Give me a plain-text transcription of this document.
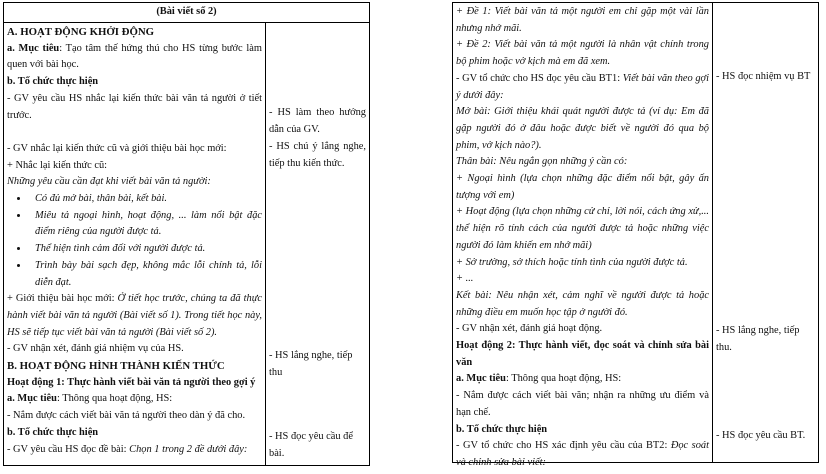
(Bài viết số 2)

A. HOẠT ĐỘNG KHỞI ĐỘNG

a. Mục tiêu: Tạo tâm thế hứng thú cho HS từng bước làm quen với bài học.

b. Tổ chức thực hiện

- GV yêu cầu HS nhắc lại kiến thức bài văn tả người ở tiết trước.

- GV nhắc lại kiến thức cũ và giới thiệu bài học mới:

+ Nhắc lại kiến thức cũ:

Những yêu cầu cần đạt khi viết bài văn tả người:

• Có đủ mở bài, thân bài, kết bài.
• Miêu tả ngoại hình, hoạt động, ... làm nổi bật đặc điểm riêng của người được tả.
• Thể hiện tình cảm đối với người được tả.
• Trình bày bài sạch đẹp, không mắc lỗi chính tả, lỗi diễn đạt.

+ Giới thiệu bài học mới: Ở tiết học trước, chúng ta đã thực hành viết bài văn tả người (Bài viết số 1). Trong tiết học này, HS sẽ tiếp tục viết bài văn tả người (Bài viết số 2).

- GV nhận xét, đánh giá nhiệm vụ của HS.

B. HOẠT ĐỘNG HÌNH THÀNH KIẾN THỨC

Hoạt động 1: Thực hành viết bài văn tả người theo gợi ý

a. Mục tiêu: Thông qua hoạt động, HS:

- Nắm được cách viết bài văn tả người theo dàn ý đã cho.

b. Tổ chức thực hiện

- GV yêu cầu HS đọc đề bài: Chọn 1 trong 2 đề dưới đây:

- HS làm theo hướng dẫn của GV.

- HS chú ý lắng nghe, tiếp thu kiến thức.

- HS lắng nghe, tiếp thu

- HS đọc yêu cầu để bài.

+ Đề 1: Viết bài văn tả một người em chỉ gặp một vài lần nhưng nhớ mãi.

+ Đề 2: Viết bài văn tả một người là nhân vật chính trong bộ phim hoặc vở kịch mà em đã xem.

- GV tổ chức cho HS đọc yêu cầu BT1: Viết bài văn theo gợi ý dưới đây:

Mở bài: Giới thiệu khái quát người được tả (ví dụ: Em đã gặp người đó ở đâu hoặc được biết về người đó qua bộ phim, vở kịch nào?).

Thân bài: Nêu ngắn gọn những ý cần có:

+ Ngoại hình (lựa chọn những đặc điểm nổi bật, gây ấn tượng với em)

+ Hoạt động (lựa chọn những cử chỉ, lời nói, cách ứng xử,... thể hiện rõ tính cách của người được tả hoặc những việc người đó làm khiến em nhớ mãi)

+ Sở trường, sở thích hoặc tính tình của người được tả.

+ ...

Kết bài: Nêu nhận xét, cảm nghĩ về người được tả hoặc những điều em muốn học tập ở người đó.

- GV nhận xét, đánh giá hoạt động.

Hoạt động 2: Thực hành viết, đọc soát và chỉnh sửa bài văn

a. Mục tiêu: Thông qua hoạt động, HS:

- Nắm được cách viết bài văn; nhận ra những ưu điểm và hạn chế.

b. Tổ chức thực hiện

- GV tổ chức cho HS xác định yêu cầu của BT2: Đọc soát và chỉnh sửa bài viết:

- HS đọc nhiệm vụ BT

- HS lắng nghe, tiếp thu.

- HS đọc yêu cầu BT.
